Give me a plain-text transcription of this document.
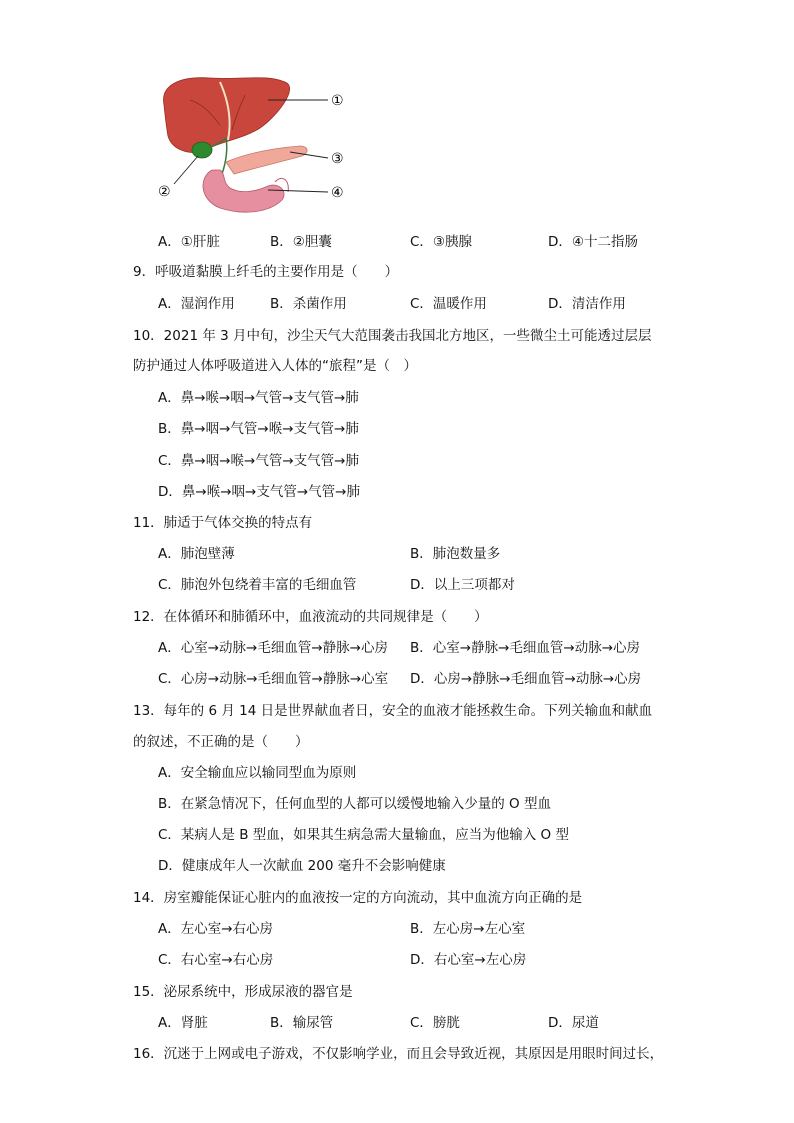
①
②
③
④
A．①肝脏	B．②胆囊	C．③胰腺	D．④十二指肠
9．呼吸道黏膜上纤毛的主要作用是（　　）
A．湿润作用	B．杀菌作用	C．温暖作用	D．清洁作用
10．2021 年 3 月中旬，沙尘天气大范围袭击我国北方地区，一些微尘土可能透过层层
防护通过人体呼吸道进入人体的“旅程”是（　）
A．鼻→喉→咽→气管→支气管→肺
B．鼻→咽→气管→喉→支气管→肺
C．鼻→咽→喉→气管→支气管→肺
D．鼻→喉→咽→支气管→气管→肺
11．肺适于气体交换的特点有
A．肺泡壁薄	B．肺泡数量多
C．肺泡外包绕着丰富的毛细血管	D．以上三项都对
12．在体循环和肺循环中，血液流动的共同规律是（　　）
A．心室→动脉→毛细血管→静脉→心房 B．心室→静脉→毛细血管→动脉→心房
C．心房→动脉→毛细血管→静脉→心室 D．心房→静脉→毛细血管→动脉→心房
13．每年的 6 月 14 日是世界献血者日，安全的血液才能拯救生命。下列关输血和献血
的叙述，不正确的是（　　）
A．安全输血应以输同型血为原则
B．在紧急情况下，任何血型的人都可以缓慢地输入少量的 O 型血
C．某病人是 B 型血，如果其生病急需大量输血，应当为他输入 O 型
D．健康成年人一次献血 200 毫升不会影响健康
14．房室瓣能保证心脏内的血液按一定的方向流动，其中血流方向正确的是
A．左心室→右心房	B．左心房→左心室
C．右心室→右心房	D．右心室→左心房
15．泌尿系统中，形成尿液的器官是
A．肾脏	B．输尿管	C．膀胱	D．尿道
16．沉迷于上网或电子游戏，不仅影响学业，而且会导致近视，其原因是用眼时间过长，
